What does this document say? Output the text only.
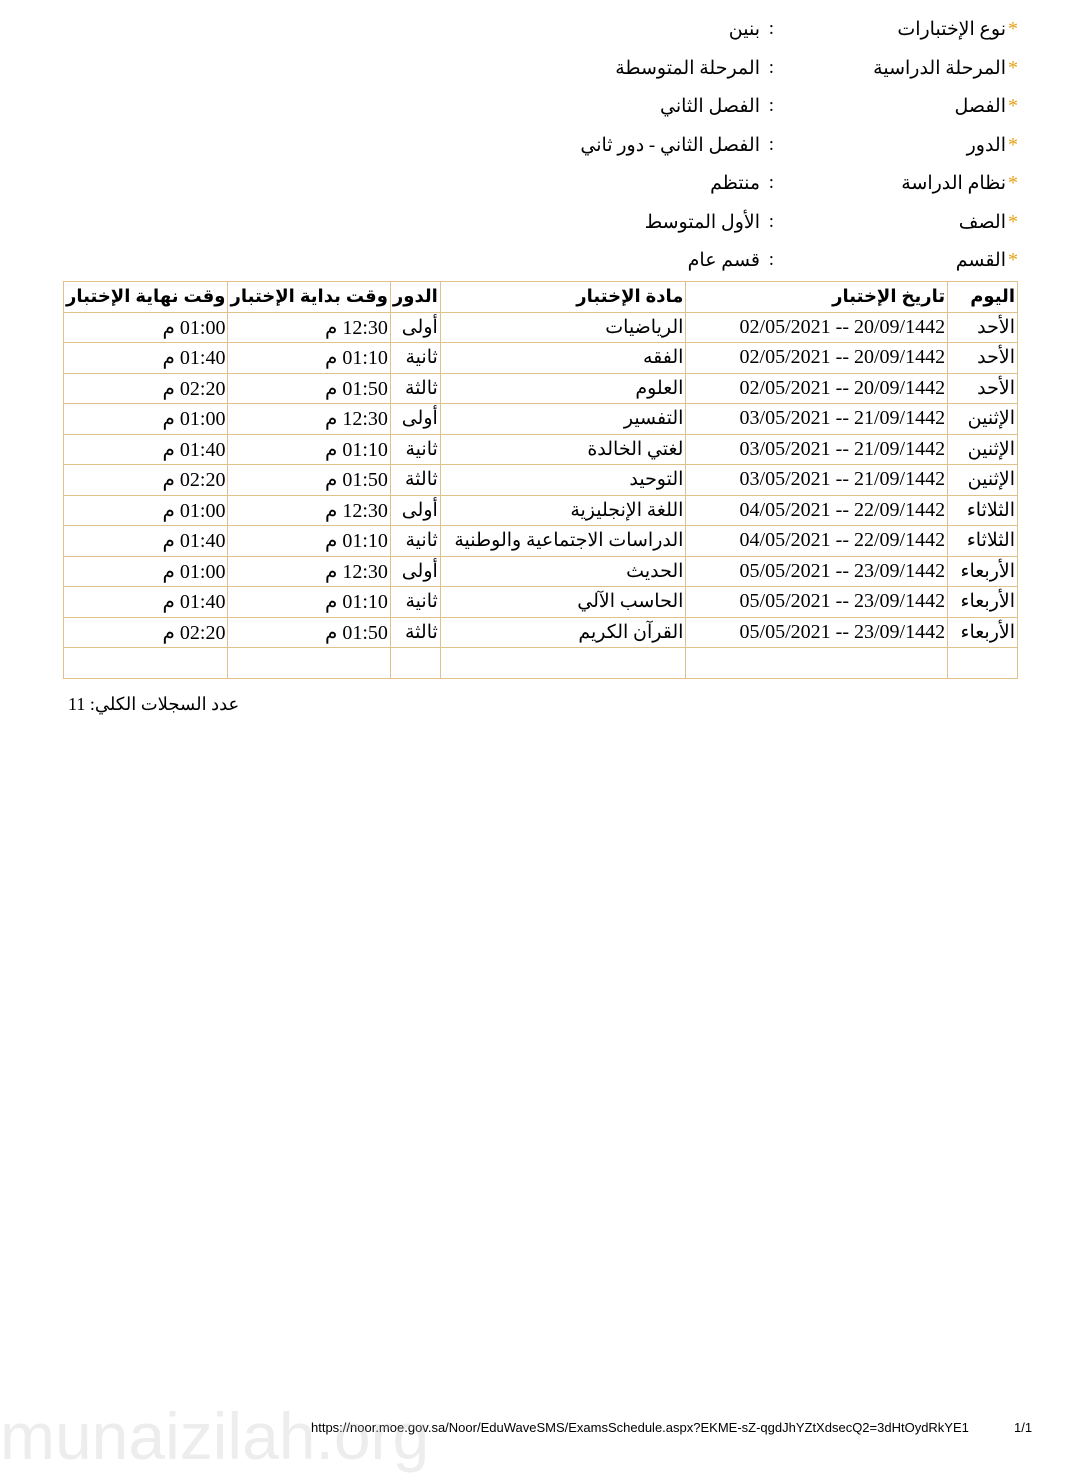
*
نوع الإختبارات
:
بنين
*
المرحلة الدراسية
:
المرحلة المتوسطة
*
الفصل
:
الفصل الثاني
*
الدور
:
الفصل الثاني - دور ثاني
*
نظام الدراسة
:
منتظم
*
الصف
:
الأول المتوسط
*
القسم
:
قسم عام
اليوم	تاريخ الإختبار	مادة الإختبار	الدور	وقت بداية الإختبار	وقت نهاية الإختبار
الأحد	20/09/1442 -- 02/05/2021	الرياضيات	أولى	12:30 م	01:00 م
الأحد	20/09/1442 -- 02/05/2021	الفقه	ثانية	01:10 م	01:40 م
الأحد	20/09/1442 -- 02/05/2021	العلوم	ثالثة	01:50 م	02:20 م
الإثنين	21/09/1442 -- 03/05/2021	التفسير	أولى	12:30 م	01:00 م
الإثنين	21/09/1442 -- 03/05/2021	لغتي الخالدة	ثانية	01:10 م	01:40 م
الإثنين	21/09/1442 -- 03/05/2021	التوحيد	ثالثة	01:50 م	02:20 م
الثلاثاء	22/09/1442 -- 04/05/2021	اللغة الإنجليزية	أولى	12:30 م	01:00 م
الثلاثاء	22/09/1442 -- 04/05/2021	الدراسات الاجتماعية والوطنية	ثانية	01:10 م	01:40 م
الأربعاء	23/09/1442 -- 05/05/2021	الحديث	أولى	12:30 م	01:00 م
الأربعاء	23/09/1442 -- 05/05/2021	الحاسب الآلي	ثانية	01:10 م	01:40 م
الأربعاء	23/09/1442 -- 05/05/2021	القرآن الكريم	ثالثة	01:50 م	02:20 م

عدد السجلات الكلي: 11
https://noor.moe.gov.sa/Noor/EduWaveSMS/ExamsSchedule.aspx?EKME-sZ-qgdJhYZtXdsecQ2=3dHtOydRkYE1	1/1
munaizilah.org
